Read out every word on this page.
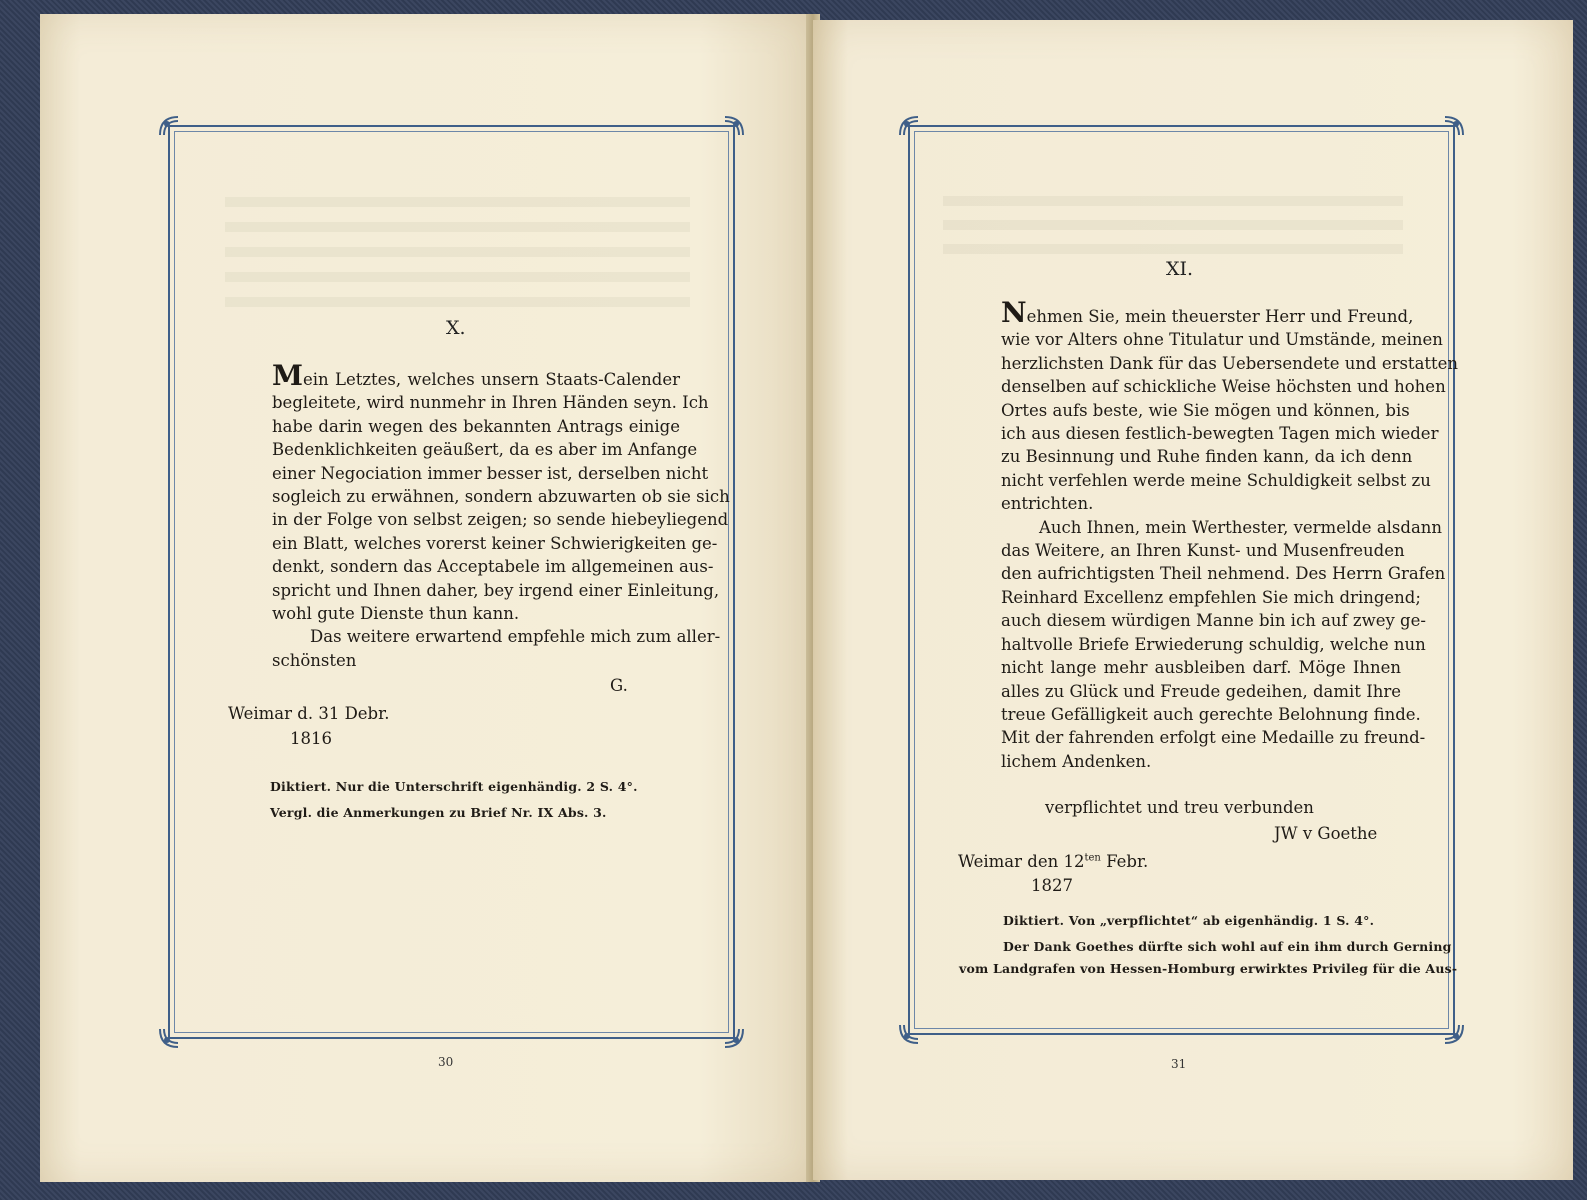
X.
Mein Letztes, welches unsern Staats-Calender
begleitete, wird nunmehr in Ihren Händen seyn. Ich
habe darin wegen des bekannten Antrags einige
Bedenklichkeiten geäußert, da es aber im Anfange
einer Negociation immer besser ist, derselben nicht
sogleich zu erwähnen, sondern abzuwarten ob sie sich
in der Folge von selbst zeigen; so sende hiebeyliegend
ein Blatt, welches vorerst keiner Schwierigkeiten ge-
denkt, sondern das Acceptabele im allgemeinen aus-
spricht und Ihnen daher, bey irgend einer Einleitung,
wohl gute Dienste thun kann.
Das weitere erwartend empfehle mich zum aller-
schönsten
G.
Weimar d. 31 Debr.
1816
Diktiert. Nur die Unterschrift eigenhändig. 2 S. 4°.
Vergl. die Anmerkungen zu Brief Nr. IX Abs. 3.
30
XI.
Nehmen Sie, mein theuerster Herr und Freund,
wie vor Alters ohne Titulatur und Umstände, meinen
herzlichsten Dank für das Uebersendete und erstatten
denselben auf schickliche Weise höchsten und hohen
Ortes aufs beste, wie Sie mögen und können, bis
ich aus diesen festlich-bewegten Tagen mich wieder
zu Besinnung und Ruhe finden kann, da ich denn
nicht verfehlen werde meine Schuldigkeit selbst zu
entrichten.
Auch Ihnen, mein Werthester, vermelde alsdann
das Weitere, an Ihren Kunst- und Musenfreuden
den aufrichtigsten Theil nehmend. Des Herrn Grafen
Reinhard Excellenz empfehlen Sie mich dringend;
auch diesem würdigen Manne bin ich auf zwey ge-
haltvolle Briefe Erwiederung schuldig, welche nun
nicht lange mehr ausbleiben darf. Möge Ihnen
alles zu Glück und Freude gedeihen, damit Ihre
treue Gefälligkeit auch gerechte Belohnung finde.
Mit der fahrenden erfolgt eine Medaille zu freund-
lichem Andenken.
verpflichtet und treu verbunden
JW v Goethe
Weimar den $12^{ten}$ Febr.
1827
Diktiert. Von „verpflichtet“ ab eigenhändig. 1 S. 4°.
Der Dank Goethes dürfte sich wohl auf ein ihm durch Gerning
vom Landgrafen von Hessen-Homburg erwirktes Privileg für die Aus-
31
